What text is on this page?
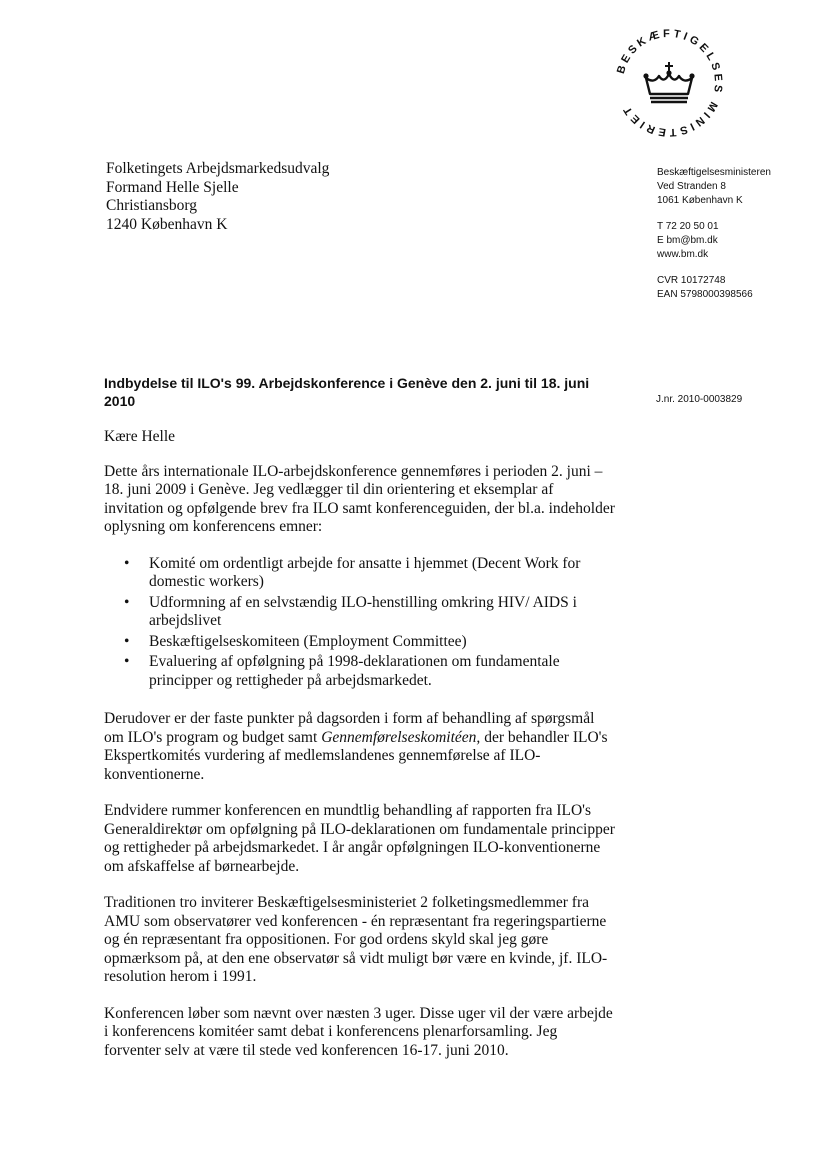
BESKÆFTIGELSES MINISTERIET
Folketingets Arbejdsmarkedsudvalg
Formand Helle Sjelle
Christiansborg
1240 København K
Beskæftigelsesministeren
Ved Stranden 8
1061 København K
T 72 20 50 01
E bm@bm.dk
www.bm.dk
CVR 10172748
EAN 5798000398566
Indbydelse til ILO's 99. Arbejdskonference i Genève den 2. juni til 18. juni 2010	J.nr. 2010-0003829

Kære Helle

Dette års internationale ILO-arbejdskonference gennemføres i perioden 2. juni – 18. juni 2009 i Genève. Jeg vedlægger til din orientering et eksemplar af invitation og opfølgende brev fra ILO samt konferenceguiden, der bl.a. indeholder oplysning om konferencens emner:

• Komité om ordentligt arbejde for ansatte i hjemmet (Decent Work for domestic workers)
• Udformning af en selvstændig ILO-henstilling omkring HIV/ AIDS i arbejdslivet
• Beskæftigelseskomiteen (Employment Committee)
• Evaluering af opfølgning på 1998-deklarationen om fundamentale principper og rettigheder på arbejdsmarkedet.

Derudover er der faste punkter på dagsorden i form af behandling af spørgsmål om ILO's program og budget samt Gennemførelseskomitéen, der behandler ILO's Ekspertkomités vurdering af medlemslandenes gennemførelse af ILO-konventionerne.

Endvidere rummer konferencen en mundtlig behandling af rapporten fra ILO's Generaldirektør om opfølgning på ILO-deklarationen om fundamentale principper og rettigheder på arbejdsmarkedet. I år angår opfølgningen ILO-konventionerne om afskaffelse af børnearbejde.

Traditionen tro inviterer Beskæftigelsesministeriet 2 folketingsmedlemmer fra AMU som observatører ved konferencen - én repræsentant fra regeringspartierne og én repræsentant fra oppositionen. For god ordens skyld skal jeg gøre opmærksom på, at den ene observatør så vidt muligt bør være en kvinde, jf. ILO-resolution herom i 1991.

Konferencen løber som nævnt over næsten 3 uger. Disse uger vil der være arbejde i konferencens komitéer samt debat i konferencens plenarforsamling. Jeg forventer selv at være til stede ved konferencen 16-17. juni 2010.
